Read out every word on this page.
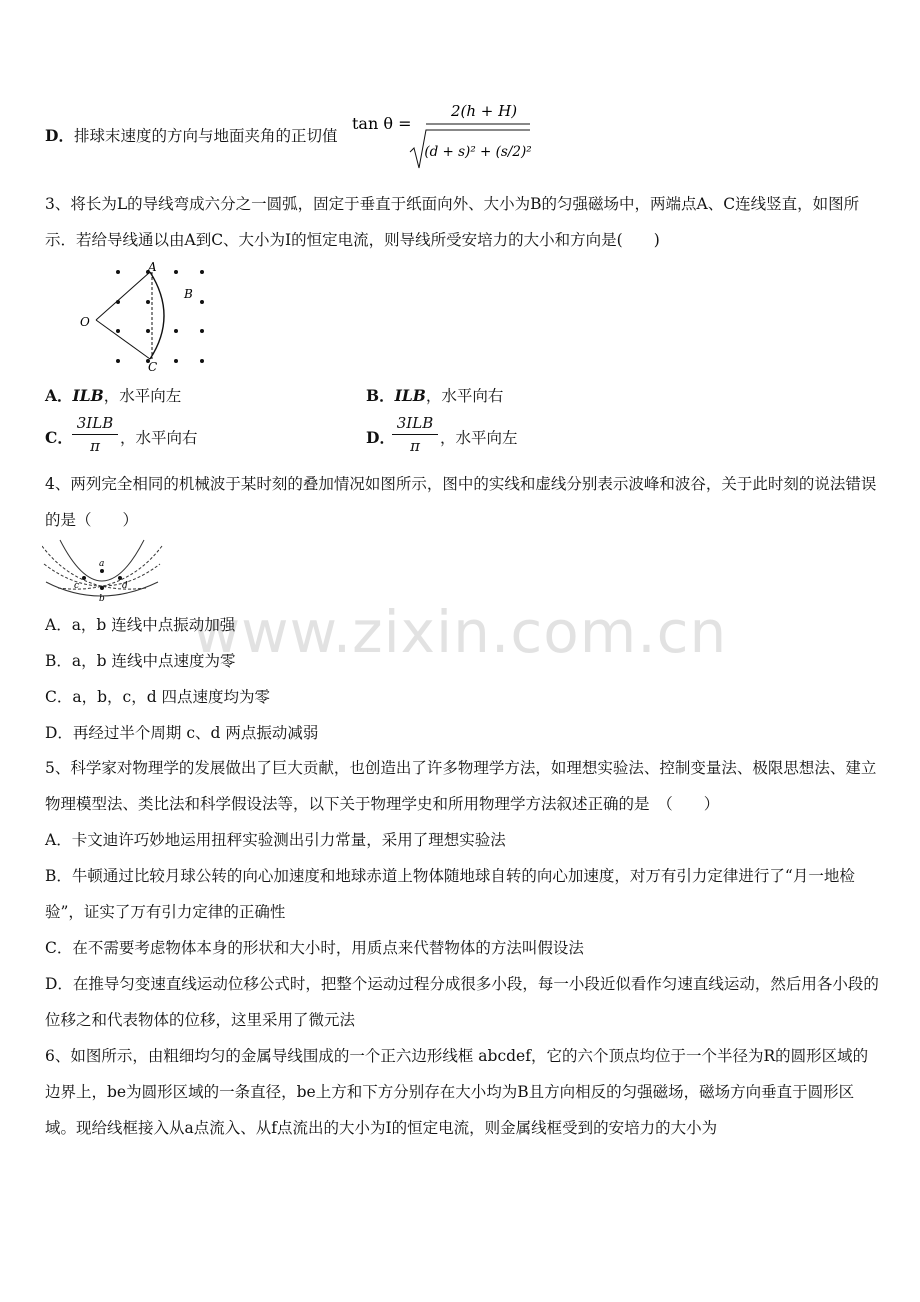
www.zixin.com.cn
D．排球末速度的方向与地面夹角的正切值
tan θ =
2(h + H)
(d + s)² + (s/2)²
3、将长为L的导线弯成六分之一圆弧，固定于垂直于纸面向外、大小为B的匀强磁场中，两端点A、C连线竖直，如图所示．若给导线通以由A到C、大小为I的恒定电流，则导线所受安培力的大小和方向是(　　)
A
B
O
C
A．ILB，水平向左	B．ILB，水平向右
C．
3ILB
π	，水平向右	D．
3ILB
π	，水平向左
4、两列完全相同的机械波于某时刻的叠加情况如图所示，图中的实线和虚线分别表示波峰和波谷，关于此时刻的说法错误的是（　　）
a
b
c	d
A．a，b 连线中点振动加强
B．a，b 连线中点速度为零
C．a，b，c，d 四点速度均为零
D．再经过半个周期 c、d 两点振动减弱
5、科学家对物理学的发展做出了巨大贡献，也创造出了许多物理学方法，如理想实验法、控制变量法、极限思想法、建立物理模型法、类比法和科学假设法等，以下关于物理学史和所用物理学方法叙述正确的是　（　　）
A．卡文迪许巧妙地运用扭秤实验测出引力常量，采用了理想实验法
B．牛顿通过比较月球公转的向心加速度和地球赤道上物体随地球自转的向心加速度，对万有引力定律进行了“月一地检验”，证实了万有引力定律的正确性
C．在不需要考虑物体本身的形状和大小时，用质点来代替物体的方法叫假设法
D．在推导匀变速直线运动位移公式时，把整个运动过程分成很多小段，每一小段近似看作匀速直线运动，然后用各小段的位移之和代表物体的位移，这里采用了微元法
6、如图所示，由粗细均匀的金属导线围成的一个正六边形线框 abcdef，它的六个顶点均位于一个半径为R的圆形区域的边界上，be为圆形区域的一条直径，be上方和下方分别存在大小均为B且方向相反的匀强磁场，磁场方向垂直于圆形区域。现给线框接入从a点流入、从f点流出的大小为I的恒定电流，则金属线框受到的安培力的大小为
